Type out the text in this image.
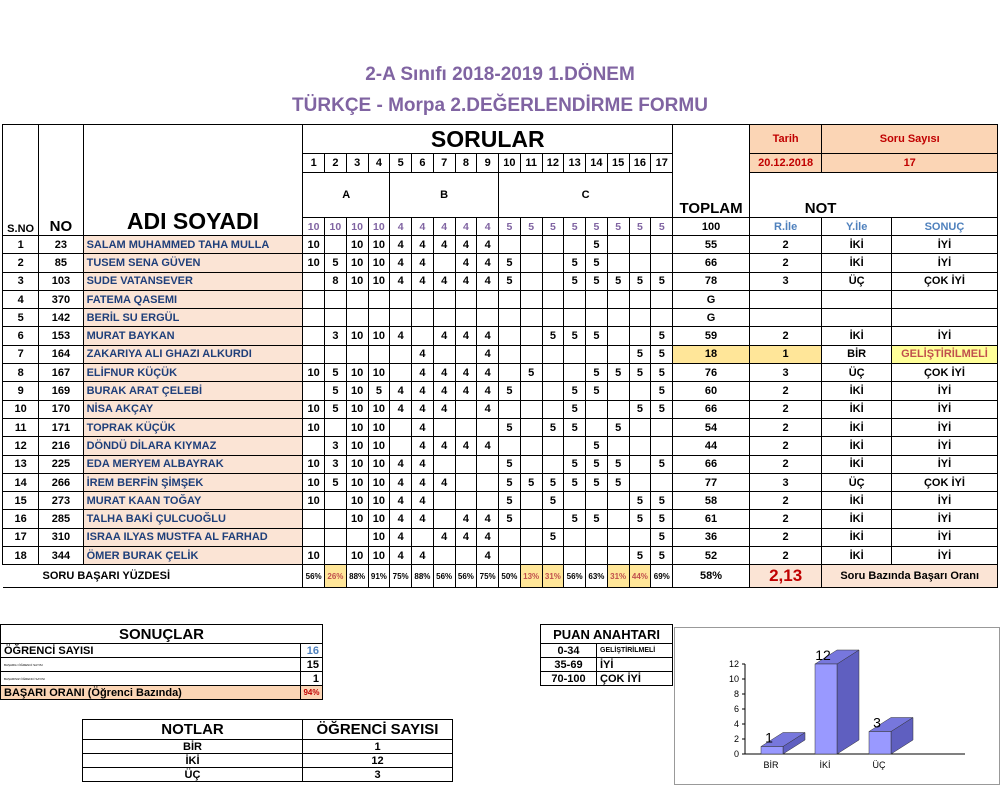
2-A Sınıfı 2018-2019 1.DÖNEM
TÜRKÇE - Morpa 2.DEĞERLENDİRME FORMU
S.NO	NO	ADI SOYADI	SORULAR																	TOPLAM	Tarih	Soru Sayısı	
			1	2	3	4	5	6	7	8	9	10	11	12	13	14	15	16	17		20.12.2018	17	
			A				B					C									NOT		
			10	10	10	10	4	4	4	4	4	5	5	5	5	5	5	5	5	100	R.İle	Y.İle	SONUÇ
1	23	SALAM MUHAMMED TAHA MULLA	10		10	10	4	4	4	4	4					5				55	2	İKİ	İYİ
2	85	TUSEM SENA GÜVEN	10	5	10	10	4	4		4	4	5			5	5				66	2	İKİ	İYİ
3	103	SUDE VATANSEVER		8	10	10	4	4	4	4	4	5			5	5	5	5	5	78	3	ÜÇ	ÇOK İYİ
4	370	FATEMA QASEMI																		G			
5	142	BERİL SU ERGÜL																		G			
6	153	MURAT BAYKAN		3	10	10	4		4	4	4			5	5	5			5	59	2	İKİ	İYİ
7	164	ZAKARIYA ALI GHAZI ALKURDI						4			4							5	5	18	1	BİR	GELİŞTİRİLMELİ
8	167	ELİFNUR KÜÇÜK	10	5	10	10		4	4	4	4		5			5	5	5	5	76	3	ÜÇ	ÇOK İYİ
9	169	BURAK ARAT ÇELEBİ		5	10	5	4	4	4	4	4	5			5	5			5	60	2	İKİ	İYİ
10	170	NİSA AKÇAY	10	5	10	10	4	4	4		4				5			5	5	66	2	İKİ	İYİ
11	171	TOPRAK KÜÇÜK	10		10	10		4				5		5	5		5			54	2	İKİ	İYİ
12	216	DÖNDÜ DİLARA KIYMAZ		3	10	10		4	4	4	4					5				44	2	İKİ	İYİ
13	225	EDA MERYEM ALBAYRAK	10	3	10	10	4	4				5			5	5	5		5	66	2	İKİ	İYİ
14	266	İREM BERFİN ŞİMŞEK	10	5	10	10	4	4	4			5	5	5	5	5	5			77	3	ÜÇ	ÇOK İYİ
15	273	MURAT KAAN TOĞAY	10		10	10	4	4				5		5				5	5	58	2	İKİ	İYİ
16	285	TALHA BAKİ ÇULCUOĞLU			10	10	4	4		4	4	5			5	5		5	5	61	2	İKİ	İYİ
17	310	ISRAA ILYAS MUSTFA AL FARHAD				10	4		4	4	4			5					5	36	2	İKİ	İYİ
18	344	ÖMER BURAK ÇELİK	10		10	10	4	4			4							5	5	52	2	İKİ	İYİ
SORU BAŞARI YÜZDESİ			56%	26%	88%	91%	75%	88%	56%	56%	75%	50%	13%	31%	56%	63%	31%	44%	69%	58%	2,13	Soru Bazında Başarı Oranı	
SONUÇLAR	
ÖĞRENCİ SAYISI	16
BAŞARILI ÖĞRENCİ SAYISI	15
BAŞARISIZ ÖĞRENCİ SAYISI	1
BAŞARI ORANI (Öğrenci Bazında)	94%
PUAN ANAHTARI	
0-34	GELİŞTİRİLMELİ
35-69	İYİ
70-100	ÇOK İYİ
NOTLAR	ÖĞRENCİ SAYISI
BİR	1
İKİ	12
ÜÇ	3
0
2
4
6
8
10
12
1
BİR
12
İKİ
3
ÜÇ
